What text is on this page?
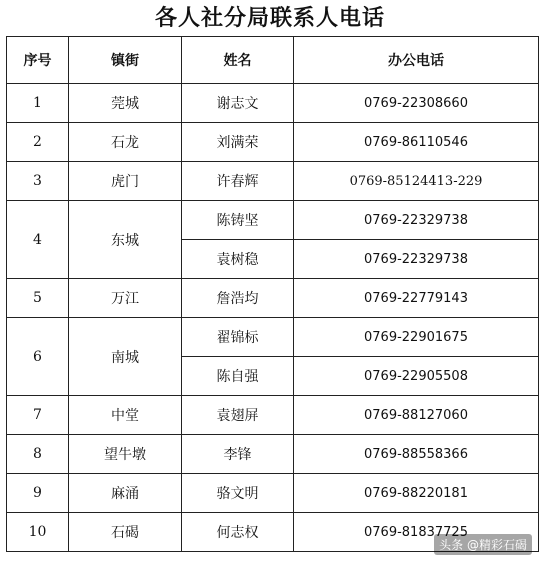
各人社分局联系人电话
序号	镇街	姓名	办公电话
1	莞城	谢志文	0769-22308660
2	石龙	刘满荣	0769-86110546
3	虎门	许春辉	0769-85124413-229
4	东城	陈铸坚	0769-22329738
		袁树稳	0769-22329738
5	万江	詹浩均	0769-22779143
6	南城	翟锦标	0769-22901675
		陈自强	0769-22905508
7	中堂	袁翅屏	0769-88127060
8	望牛墩	李锋	0769-88558366
9	麻涌	骆文明	0769-88220181
10	石碣	何志权	0769-81837725
头条 @精彩石碣
